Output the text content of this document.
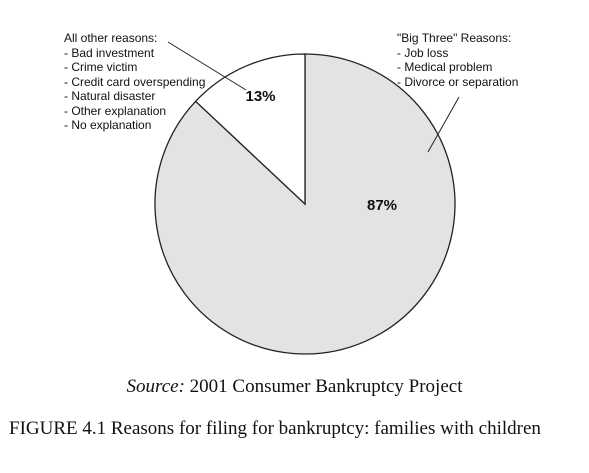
87%
13%
All other reasons:
- Bad investment
- Crime victim
- Credit card overspending
- Natural disaster
- Other explanation
- No explanation
"Big Three" Reasons:
- Job loss
- Medical problem
- Divorce or separation
Source: 2001 Consumer Bankruptcy Project
FIGURE 4.1 Reasons for filing for bankruptcy: families with children
